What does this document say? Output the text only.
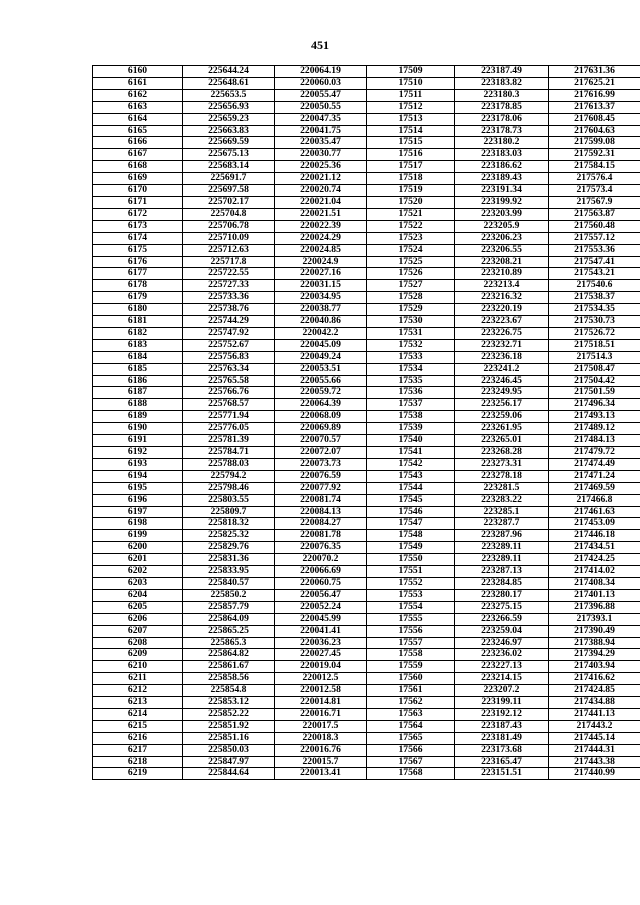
451
6160	225644.24	220064.19	17509	223187.49	217631.36
6161	225648.61	220060.03	17510	223183.82	217625.21
6162	225653.5	220055.47	17511	223180.3	217616.99
6163	225656.93	220050.55	17512	223178.85	217613.37
6164	225659.23	220047.35	17513	223178.06	217608.45
6165	225663.83	220041.75	17514	223178.73	217604.63
6166	225669.59	220035.47	17515	223180.2	217599.08
6167	225675.13	220030.77	17516	223183.03	217592.31
6168	225683.14	220025.36	17517	223186.62	217584.15
6169	225691.7	220021.12	17518	223189.43	217576.4
6170	225697.58	220020.74	17519	223191.34	217573.4
6171	225702.17	220021.04	17520	223199.92	217567.9
6172	225704.8	220021.51	17521	223203.99	217563.87
6173	225706.78	220022.39	17522	223205.9	217560.48
6174	225710.09	220024.29	17523	223206.23	217557.12
6175	225712.63	220024.85	17524	223206.55	217553.36
6176	225717.8	220024.9	17525	223208.21	217547.41
6177	225722.55	220027.16	17526	223210.89	217543.21
6178	225727.33	220031.15	17527	223213.4	217540.6
6179	225733.36	220034.95	17528	223216.32	217538.37
6180	225738.76	220038.77	17529	223220.19	217534.35
6181	225744.29	220040.86	17530	223223.67	217530.73
6182	225747.92	220042.2	17531	223226.75	217526.72
6183	225752.67	220045.09	17532	223232.71	217518.51
6184	225756.83	220049.24	17533	223236.18	217514.3
6185	225763.34	220053.51	17534	223241.2	217508.47
6186	225765.58	220055.66	17535	223246.45	217504.42
6187	225766.76	220059.72	17536	223249.95	217501.59
6188	225768.57	220064.39	17537	223256.17	217496.34
6189	225771.94	220068.09	17538	223259.06	217493.13
6190	225776.05	220069.89	17539	223261.95	217489.12
6191	225781.39	220070.57	17540	223265.01	217484.13
6192	225784.71	220072.07	17541	223268.28	217479.72
6193	225788.03	220073.73	17542	223273.31	217474.49
6194	225794.2	220076.59	17543	223278.18	217471.24
6195	225798.46	220077.92	17544	223281.5	217469.59
6196	225803.55	220081.74	17545	223283.22	217466.8
6197	225809.7	220084.13	17546	223285.1	217461.63
6198	225818.32	220084.27	17547	223287.7	217453.09
6199	225825.32	220081.78	17548	223287.96	217446.18
6200	225829.76	220076.35	17549	223289.11	217434.51
6201	225831.36	220070.2	17550	223289.11	217424.25
6202	225833.95	220066.69	17551	223287.13	217414.02
6203	225840.57	220060.75	17552	223284.85	217408.34
6204	225850.2	220056.47	17553	223280.17	217401.13
6205	225857.79	220052.24	17554	223275.15	217396.88
6206	225864.09	220045.99	17555	223266.59	217393.1
6207	225865.25	220041.41	17556	223259.04	217390.49
6208	225865.3	220036.23	17557	223246.97	217388.94
6209	225864.82	220027.45	17558	223236.02	217394.29
6210	225861.67	220019.04	17559	223227.13	217403.94
6211	225858.56	220012.5	17560	223214.15	217416.62
6212	225854.8	220012.58	17561	223207.2	217424.85
6213	225853.12	220014.81	17562	223199.11	217434.88
6214	225852.22	220016.71	17563	223192.12	217441.13
6215	225851.92	220017.5	17564	223187.43	217443.2
6216	225851.16	220018.3	17565	223181.49	217445.14
6217	225850.03	220016.76	17566	223173.68	217444.31
6218	225847.97	220015.7	17567	223165.47	217443.38
6219	225844.64	220013.41	17568	223151.51	217440.99
